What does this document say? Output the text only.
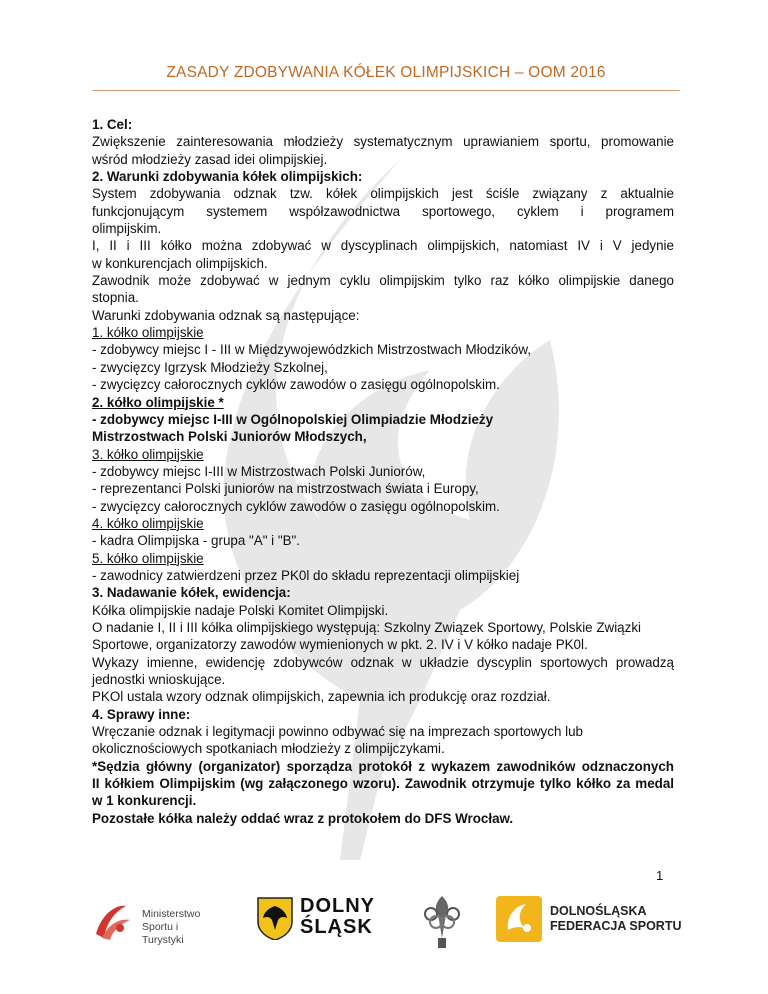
ZASADY ZDOBYWANIA KÓŁEK OLIMPIJSKICH – OOM 2016

1. Cel:

Zwiększenie zainteresowania młodzieży systematycznym uprawianiem sportu, promowanie

wśród młodzieży zasad idei olimpijskiej.

2. Warunki zdobywania kółek olimpijskich:

System zdobywania odznak tzw. kółek olimpijskich jest ściśle związany z aktualnie

funkcjonującym systemem współzawodnictwa sportowego, cyklem i programem

olimpijskim.

I, II i III kółko można zdobywać w dyscyplinach olimpijskich, natomiast IV i V jedynie

w konkurencjach olimpijskich.

Zawodnik może zdobywać w jednym cyklu olimpijskim tylko raz kółko olimpijskie danego

stopnia.

Warunki zdobywania odznak są następujące:

1. kółko olimpijskie

- zdobywcy miejsc I - III w Międzywojewódzkich Mistrzostwach Młodzików,

- zwycięzcy Igrzysk Młodzieży Szkolnej,

- zwycięzcy całorocznych cyklów zawodów o zasięgu ogólnopolskim.

2. kółko olimpijskie *

- zdobywcy miejsc I-III w Ogólnopolskiej Olimpiadzie Młodzieży

Mistrzostwach Polski Juniorów Młodszych,

3. kółko olimpijskie

- zdobywcy miejsc I-III w Mistrzostwach Polski Juniorów,

- reprezentanci Polski juniorów na mistrzostwach świata i Europy,

- zwycięzcy całorocznych cyklów zawodów o zasięgu ogólnopolskim.

4. kółko olimpijskie

- kadra Olimpijska - grupa "A" i "B".

5. kółko olimpijskie

- zawodnicy zatwierdzeni przez PK0l do składu reprezentacji olimpijskiej

3. Nadawanie kółek, ewidencja:

Kółka olimpijskie nadaje Polski Komitet Olimpijski.

O nadanie I, II i III kółka olimpijskiego występują: Szkolny Związek Sportowy, Polskie Związki

Sportowe, organizatorzy zawodów wymienionych w pkt. 2. IV i V kółko nadaje PK0l.

Wykazy imienne, ewidencję zdobywców odznak w układzie dyscyplin sportowych prowadzą

jednostki wnioskujące.

PKOl ustala wzory odznak olimpijskich, zapewnia ich produkcję oraz rozdział.

4. Sprawy inne:

Wręczanie odznak i legitymacji powinno odbywać się na imprezach sportowych lub

okolicznościowych spotkaniach młodzieży z olimpijczykami.

*Sędzia główny (organizator) sporządza protokół z wykazem zawodników odznaczonych

II kółkiem Olimpijskim (wg załączonego wzoru). Zawodnik otrzymuje tylko kółko za medal

w 1 konkurencji.

Pozostałe kółka należy oddać wraz z protokołem do DFS Wrocław.

1
Ministerstwo
Sportu i Turystyki
DOLNY
ŚLĄSK
DOLNOŚLĄSKA
FEDERACJA SPORTU
